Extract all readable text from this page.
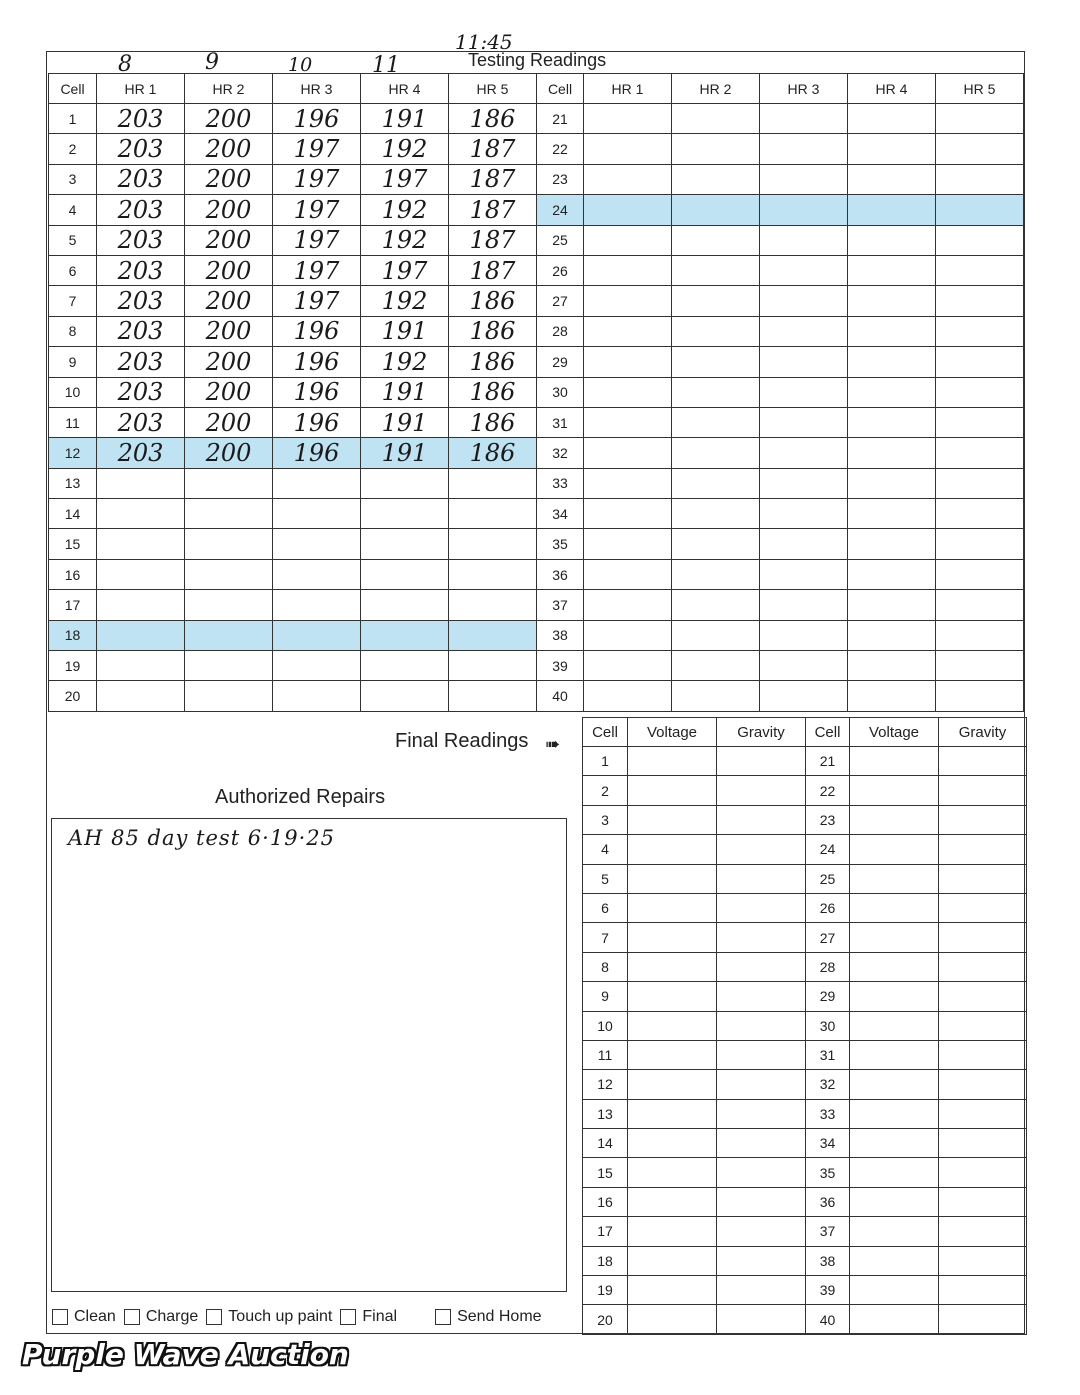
11:45
8	9	10	11	Testing Readings
Cell	HR 1	HR 2	HR 3	HR 4	HR 5	Cell	HR 1	HR 2	HR 3	HR 4	HR 5
1	203	200	196	191	186	21					
2	203	200	197	192	187	22					
3	203	200	197	197	187	23					
4	203	200	197	192	187	24					
5	203	200	197	192	187	25					
6	203	200	197	197	187	26					
7	203	200	197	192	186	27					
8	203	200	196	191	186	28					
9	203	200	196	192	186	29					
10	203	200	196	191	186	30					
11	203	200	196	191	186	31					
12	203	200	196	191	186	32					
13						33					
14						34					
15						35					
16						36					
17						37					
18						38					
19						39					
20						40					
Final Readings ➠
Authorized Repairs
AH 85 day test 6·19·25
Cell	Voltage	Gravity	Cell	Voltage	Gravity
1			21		
2			22		
3			23		
4			24		
5			25		
6			26		
7			27		
8			28		
9			29		
10			30		
11			31		
12			32		
13			33		
14			34		
15			35		
16			36		
17			37		
18			38		
19			39		
20			40		
Clean Charge Touch up paint Final	Send Home
Purple Wave Auction
